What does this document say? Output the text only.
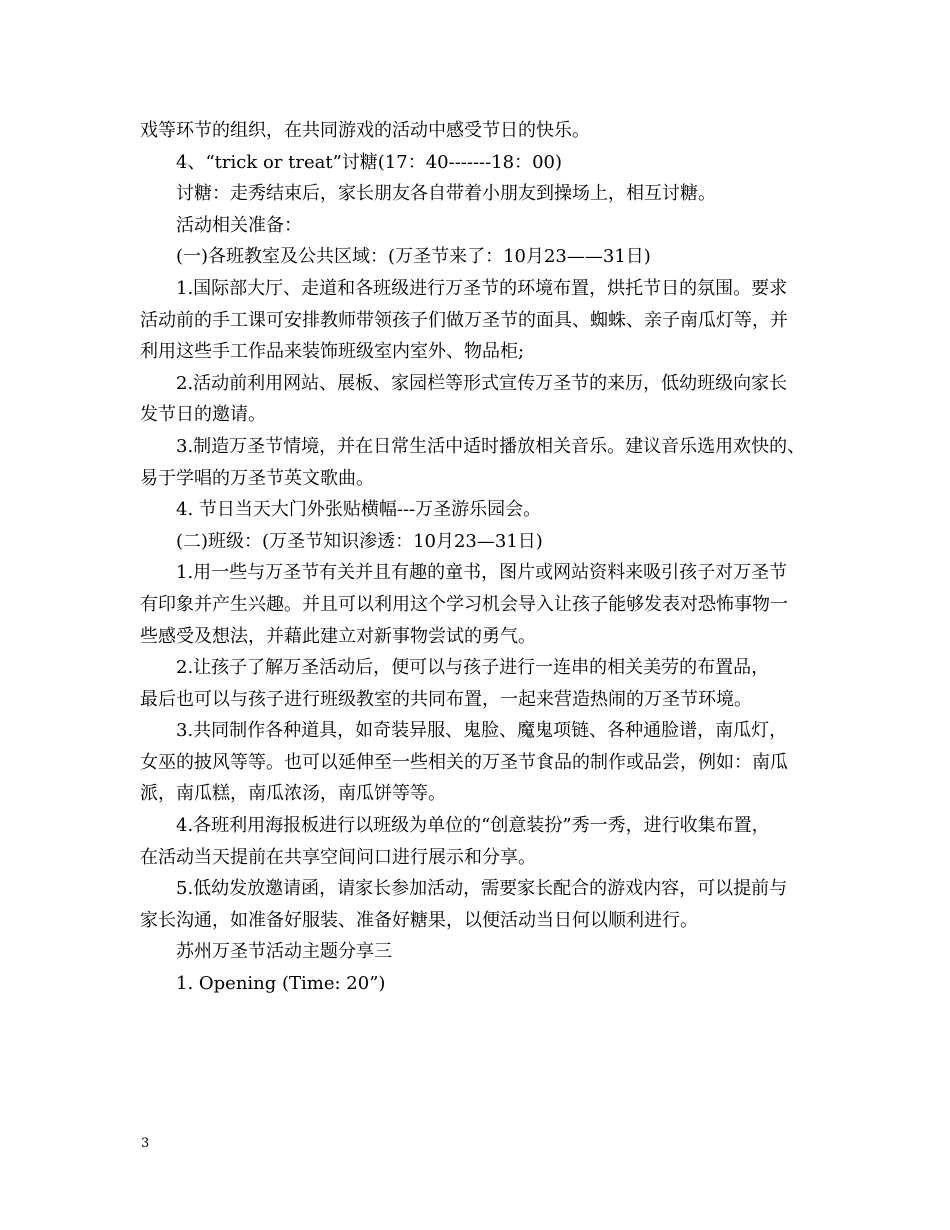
戏等环节的组织，在共同游戏的活动中感受节日的快乐。
4、“trick or treat”讨糖(17：40-------18：00)
讨糖：走秀结束后，家长朋友各自带着小朋友到操场上，相互讨糖。
活动相关准备：
(一)各班教室及公共区域：(万圣节来了：10月23——31日)
1.国际部大厅、走道和各班级进行万圣节的环境布置，烘托节日的氛围。要求
活动前的手工课可安排教师带领孩子们做万圣节的面具、蜘蛛、亲子南瓜灯等，并
利用这些手工作品来装饰班级室内室外、物品柜;
2.活动前利用网站、展板、家园栏等形式宣传万圣节的来历，低幼班级向家长
发节日的邀请。
3.制造万圣节情境，并在日常生活中适时播放相关音乐。建议音乐选用欢快的、
易于学唱的万圣节英文歌曲。
4. 节日当天大门外张贴横幅---万圣游乐园会。
(二)班级：(万圣节知识渗透：10月23—31日)
1.用一些与万圣节有关并且有趣的童书，图片或网站资料来吸引孩子对万圣节
有印象并产生兴趣。并且可以利用这个学习机会导入让孩子能够发表对恐怖事物一
些感受及想法，并藉此建立对新事物尝试的勇气。
2.让孩子了解万圣活动后，便可以与孩子进行一连串的相关美劳的布置品，
最后也可以与孩子进行班级教室的共同布置，一起来营造热闹的万圣节环境。
3.共同制作各种道具，如奇装异服、鬼脸、魔鬼项链、各种通脸谱，南瓜灯，
女巫的披风等等。也可以延伸至一些相关的万圣节食品的制作或品尝，例如：南瓜
派，南瓜糕，南瓜浓汤，南瓜饼等等。
4.各班利用海报板进行以班级为单位的“创意装扮”秀一秀，进行收集布置，
在活动当天提前在共享空间问口进行展示和分享。
5.低幼发放邀请函，请家长参加活动，需要家长配合的游戏内容，可以提前与
家长沟通，如准备好服装、准备好糖果，以便活动当日何以顺利进行。
苏州万圣节活动主题分享三
1. Opening (Time: 20”)
3
